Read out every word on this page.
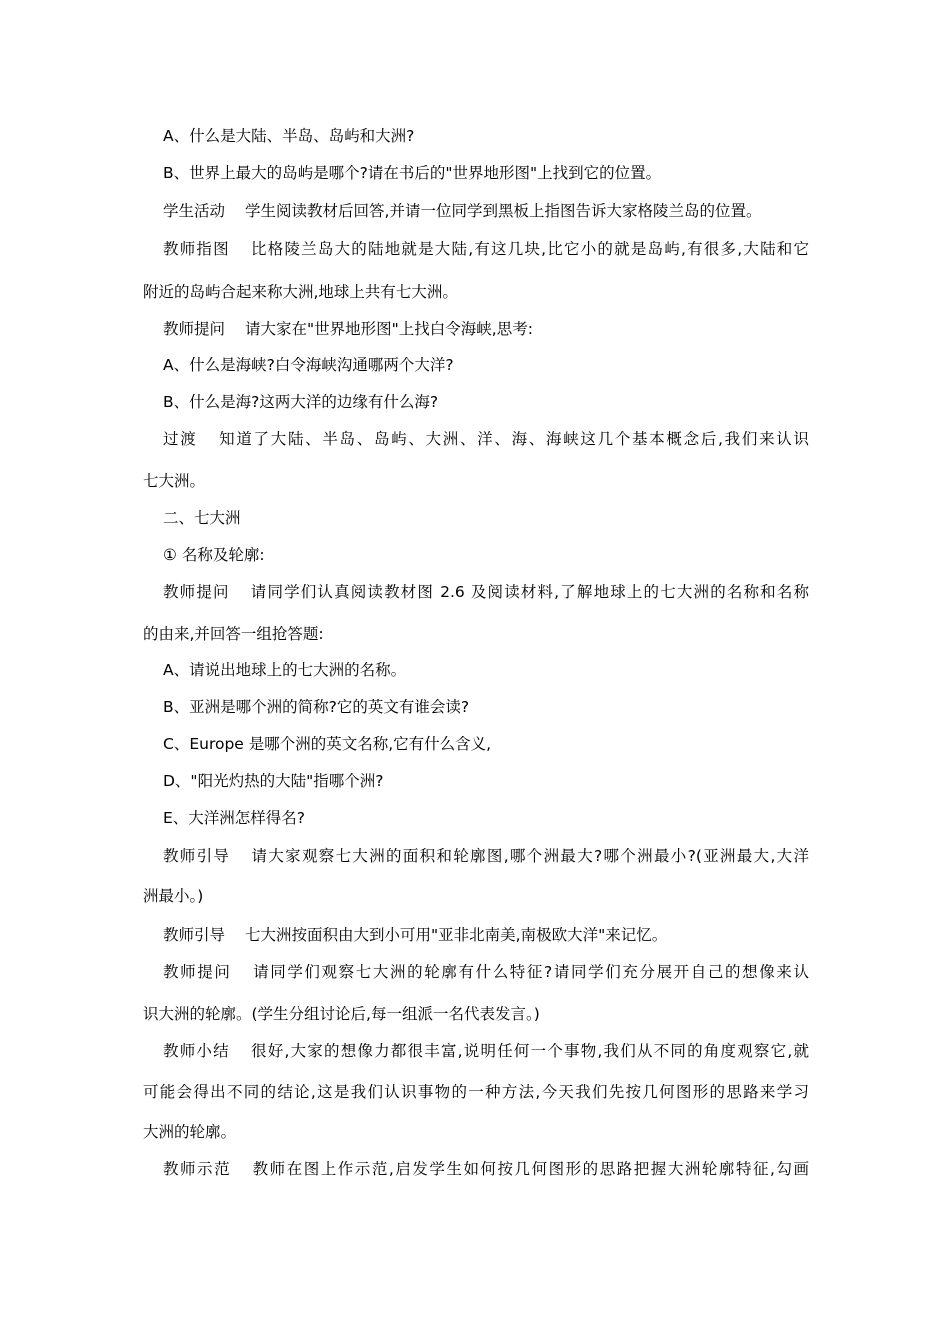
A、什么是大陆、半岛、岛屿和大洲?
B、世界上最大的岛屿是哪个?请在书后的"世界地形图"上找到它的位置。
学生活动 学生阅读教材后回答,并请一位同学到黑板上指图告诉大家格陵兰岛的位置。
教师指图 比格陵兰岛大的陆地就是大陆,有这几块,比它小的就是岛屿,有很多,大陆和它
附近的岛屿合起来称大洲,地球上共有七大洲。
教师提问 请大家在"世界地形图"上找白令海峡,思考:
A、什么是海峡?白令海峡沟通哪两个大洋?
B、什么是海?这两大洋的边缘有什么海?
过渡 知道了大陆、半岛、岛屿、大洲、洋、海、海峡这几个基本概念后,我们来认识
七大洲。
二、七大洲
① 名称及轮廓:
教师提问 请同学们认真阅读教材图 2.6 及阅读材料,了解地球上的七大洲的名称和名称
的由来,并回答一组抢答题:
A、请说出地球上的七大洲的名称。
B、亚洲是哪个洲的简称?它的英文有谁会读?
C、Europe 是哪个洲的英文名称,它有什么含义,
D、"阳光灼热的大陆"指哪个洲?
E、大洋洲怎样得名?
教师引导 请大家观察七大洲的面积和轮廓图,哪个洲最大?哪个洲最小?(亚洲最大,大洋
洲最小。)
教师引导 七大洲按面积由大到小可用"亚非北南美,南极欧大洋"来记忆。
教师提问 请同学们观察七大洲的轮廓有什么特征?请同学们充分展开自己的想像来认
识大洲的轮廓。(学生分组讨论后,每一组派一名代表发言。)
教师小结 很好,大家的想像力都很丰富,说明任何一个事物,我们从不同的角度观察它,就
可能会得出不同的结论,这是我们认识事物的一种方法,今天我们先按几何图形的思路来学习
大洲的轮廓。
教师示范 教师在图上作示范,启发学生如何按几何图形的思路把握大洲轮廓特征,勾画
